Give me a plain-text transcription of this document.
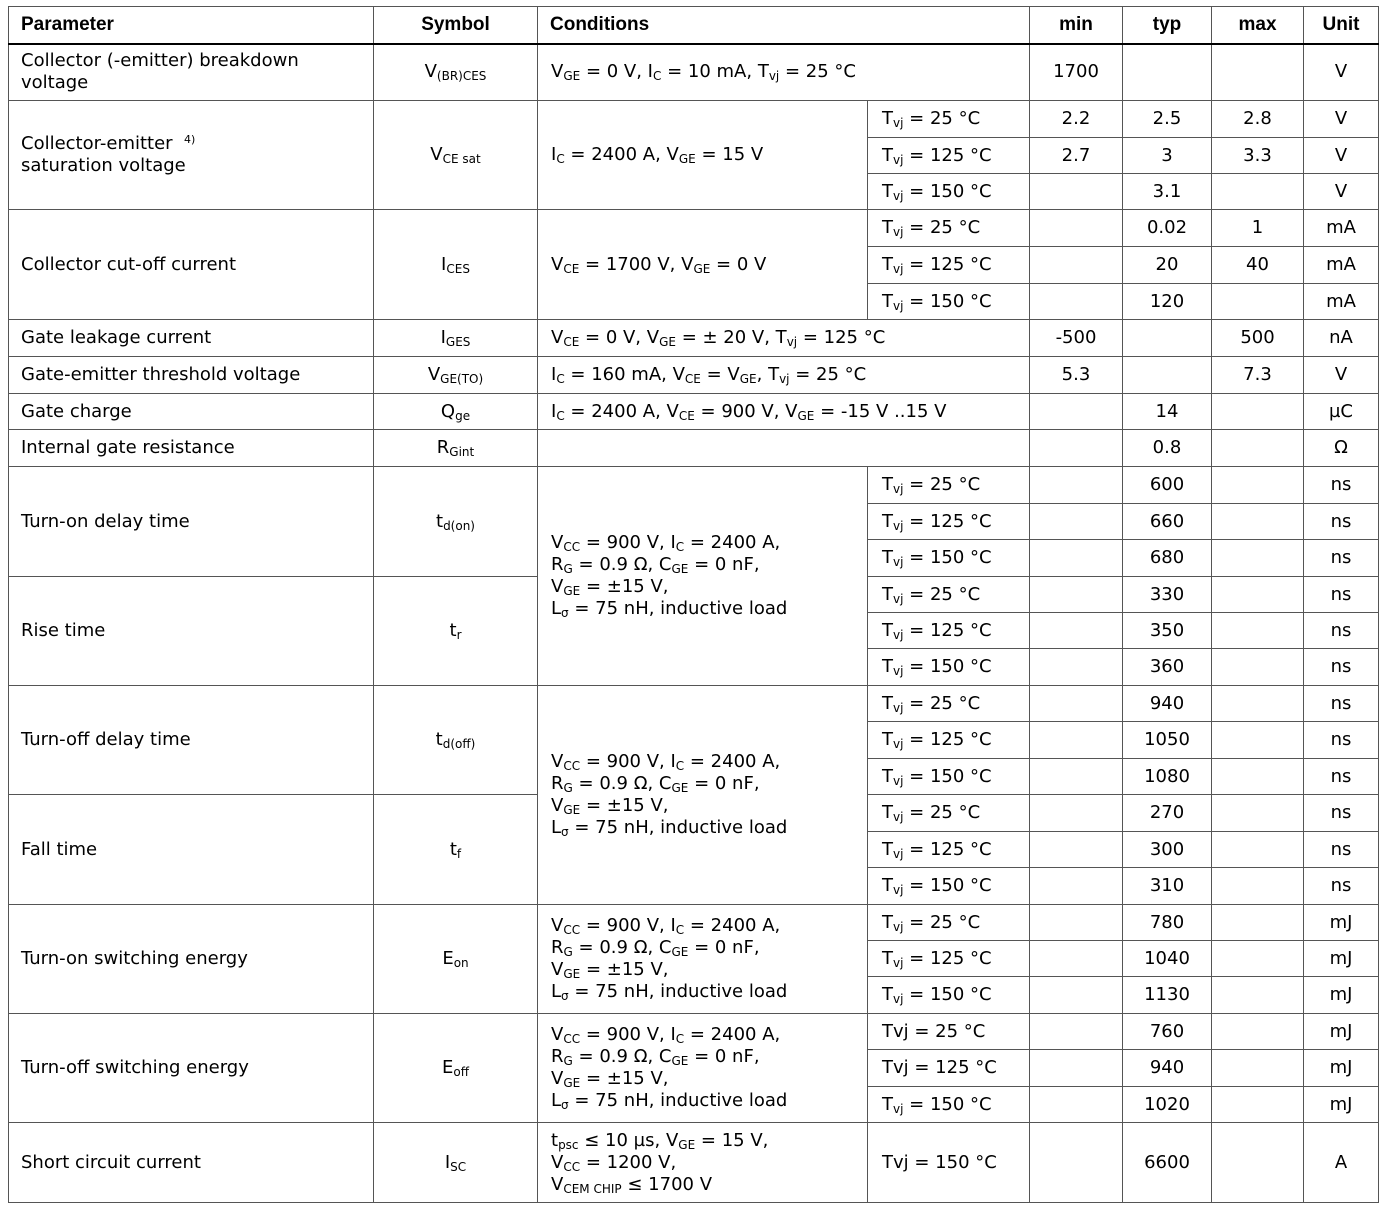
Parameter	Symbol	Conditions		min	typ	max	Unit

Collector (-emitter) breakdown
voltage	$V_{(BR)CES}$	$V_{GE} = 0$ V, $I_C = 10$ mA, $T_{vj} = 25$ °C		1700			V

Collector-emitter $^{4)}$
saturation voltage	$V_{CE sat}$	$I_C = 2400$ A, $V_{GE} = 15$ V	$T_{vj} = 25$ °C	2.2	2.5	2.8	V
			$T_{vj} = 125$ °C	2.7	3	3.3	V
			$T_{vj} = 150$ °C		3.1		V
Collector cut-off current	$I_{CES}$	$V_{CE} = 1700$ V, $V_{GE} = 0$ V	$T_{vj} = 25$ °C		0.02	1	mA
			$T_{vj} = 125$ °C		20	40	mA
			$T_{vj} = 150$ °C		120		mA
Gate leakage current	$I_{GES}$	$V_{CE} = 0$ V, $V_{GE}$ = ± 20 V, $T_{vj} = 125$ °C		-500		500	nA
Gate-emitter threshold voltage	$V_{GE(TO)}$	$I_C = 160$ mA, $V_{CE} = V_{GE}$, $T_{vj} = 25$ °C		5.3		7.3	V
Gate charge	$Q_{ge}$	$I_C = 2400$ A, $V_{CE} = 900$ V, $V_{GE} = -15$ V ..15 V			14		µC
Internal gate resistance	$R_{Gint}$				0.8		Ω
Turn-on delay time	$t_{d(on)}$	$V_{CC} = 900$ V, $I_C = 2400$ A,
$R_G = 0.9$ Ω, $C_{GE} = 0$ nF,
$V_{GE} = \pm 15$ V,
$L_\sigma = 75$ nH, inductive load	$T_{vj} = 25$ °C		600		ns
			$T_{vj} = 125$ °C		660		ns
			$T_{vj} = 150$ °C		680		ns
Rise time	$t_r$		$T_{vj} = 25$ °C		330		ns
			$T_{vj} = 125$ °C		350		ns
			$T_{vj} = 150$ °C		360		ns
Turn-off delay time	$t_{d(off)}$	$V_{CC} = 900$ V, $I_C = 2400$ A,
$R_G = 0.9$ Ω, $C_{GE} = 0$ nF,
$V_{GE} = \pm 15$ V,
$L_\sigma = 75$ nH, inductive load	$T_{vj} = 25$ °C		940		ns
			$T_{vj} = 125$ °C		1050		ns
			$T_{vj} = 150$ °C		1080		ns
Fall time	$t_f$		$T_{vj} = 25$ °C		270		ns
			$T_{vj} = 125$ °C		300		ns
			$T_{vj} = 150$ °C		310		ns
Turn-on switching energy	$E_{on}$	$V_{CC} = 900$ V, $I_C = 2400$ A,
$R_G = 0.9$ Ω, $C_{GE} = 0$ nF,
$V_{GE} = \pm 15$ V,
$L_\sigma = 75$ nH, inductive load	$T_{vj} = 25$ °C		780		mJ
			$T_{vj} = 125$ °C		1040		mJ
			$T_{vj} = 150$ °C		1130		mJ
Turn-off switching energy	$E_{off}$	$V_{CC} = 900$ V, $I_C = 2400$ A,
$R_G = 0.9$ Ω, $C_{GE} = 0$ nF,
$V_{GE} = \pm 15$ V,
$L_\sigma = 75$ nH, inductive load	Tvj = 25 °C		760		mJ
			Tvj = 125 °C		940		mJ
			$T_{vj} = 150$ °C		1020		mJ
Short circuit current	$I_{SC}$	$t_{psc} \le 10$ µs, $V_{GE} = 15$ V,
$V_{CC} = 1200$ V,
$V_{CEM CHIP} \le 1700$ V	Tvj = 150 °C		6600		A
